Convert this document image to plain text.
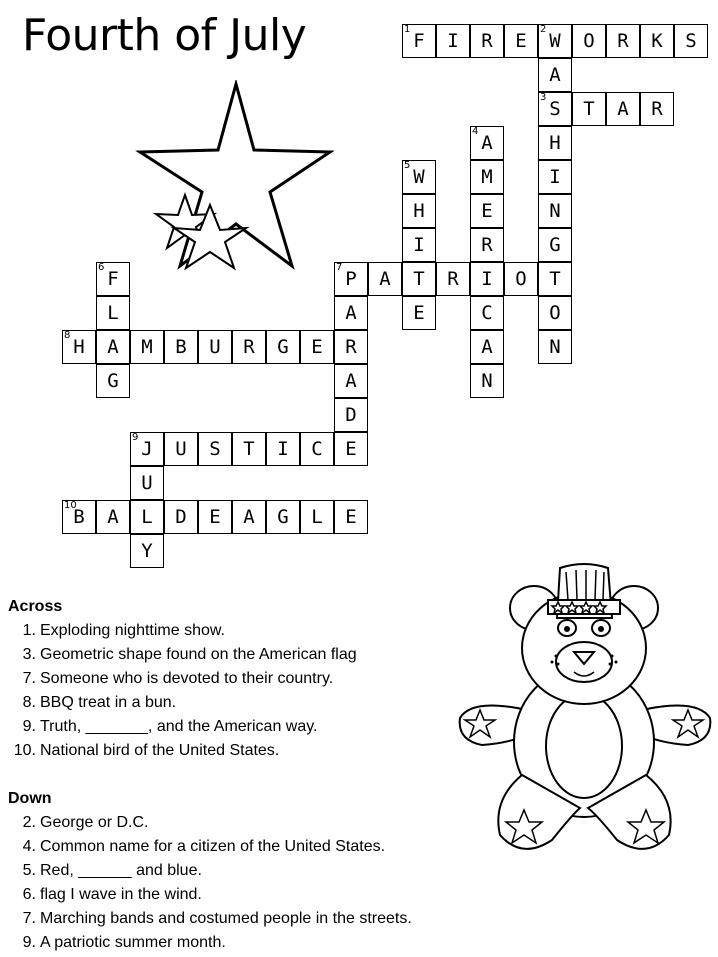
Fourth of July	F
1
I	R	E	W
2
O	R	K	S
A
S
3
H
I
N
G
T
O
N
T	A	R
A
4
M
E
R
I
C
A
N
W
5
H
I
T
E
F
6
L
A
G
P
7
A	R	O
A
R
A
D
E
H
8
M	B	U	R	G	E
J
9
U	S	T	I	C
U
L
Y
B
10
A	D	E	A	G	L	E
Across
1. Exploding nighttime show.
3. Geometric shape found on the American flag
7. Someone who is devoted to their country.
8. BBQ treat in a bun.
9. Truth, _______, and the American way.
10. National bird of the United States.
Down
2. George or D.C.
4. Common name for a citizen of the United States.
5. Red, ______ and blue.
6. flag I wave in the wind.
7. Marching bands and costumed people in the streets.
9. A patriotic summer month.
